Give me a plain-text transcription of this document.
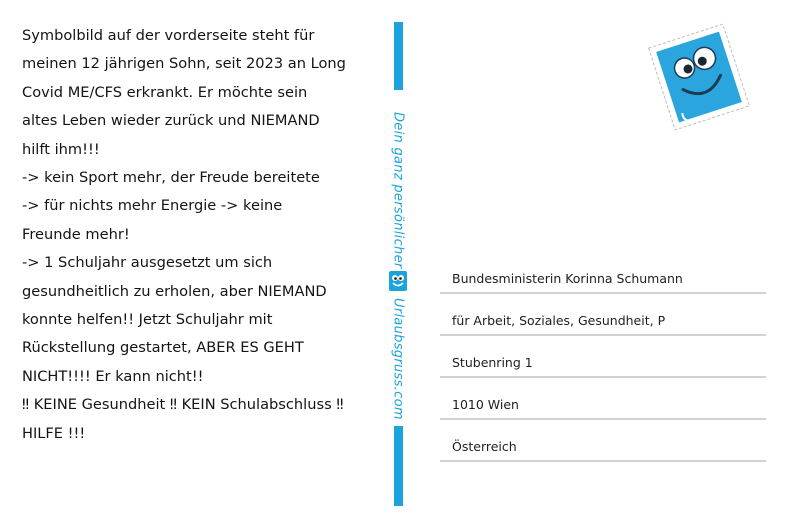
Symbolbild auf der vorderseite steht für
meinen 12 jährigen Sohn, seit 2023 an Long
Covid ME/CFS erkrankt. Er möchte sein
altes Leben wieder zurück und NIEMAND
hilft ihm!!!
-> kein Sport mehr, der Freude bereitete
-> für nichts mehr Energie -> keine
Freunde mehr!
-> 1 Schuljahr ausgesetzt um sich
gesundheitlich zu erholen, aber NIEMAND
konnte helfen!! Jetzt Schuljahr mit
Rückstellung gestartet, ABER ES GEHT
NICHT!!!! Er kann nicht!!
‼ KEINE Gesundheit ‼ KEIN Schulabschluss ‼
HILFE !!!

Dein ganz persönlicher
Urlaubsgruss.com
Bundesministerin Korinna Schumann
für Arbeit, Soziales, Gesundheit, P
Stubenring 1
1010 Wien
Österreich
